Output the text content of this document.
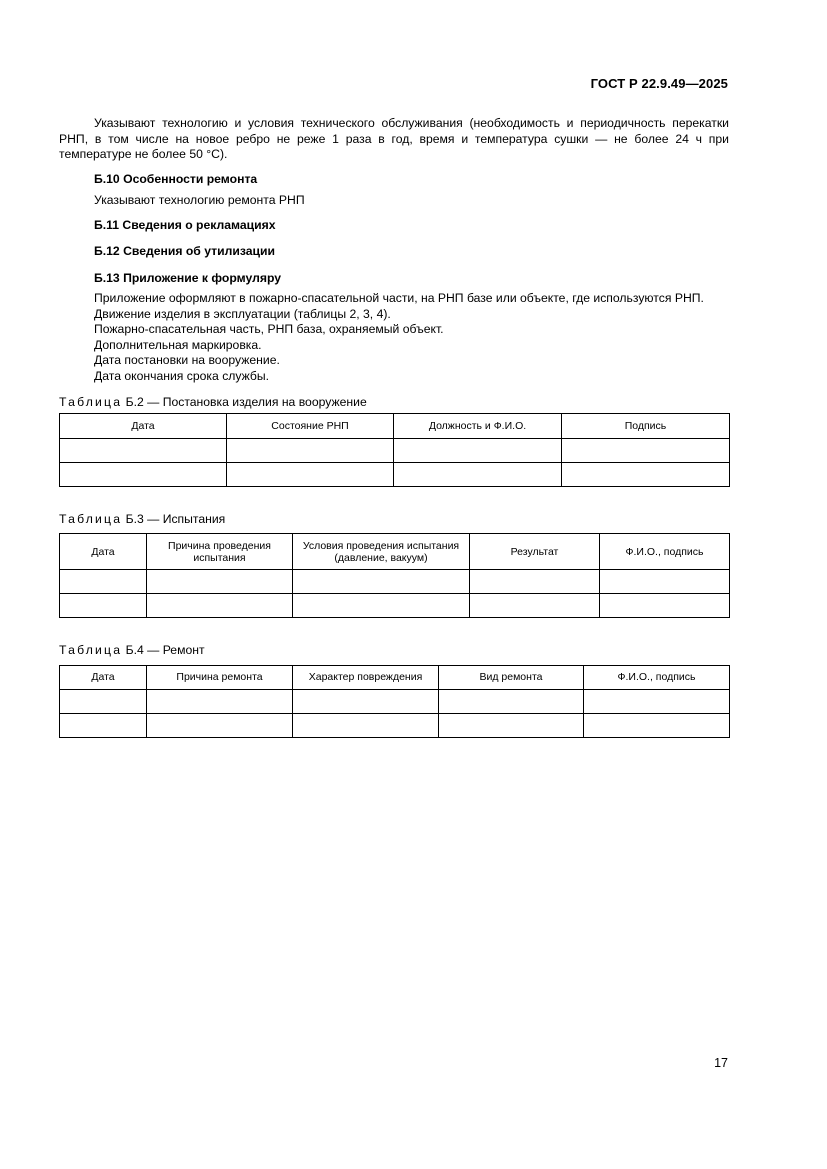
ГОСТ Р 22.9.49—2025

Указывают технологию и условия технического обслуживания (необходимость и периодичность перекатки РНП, в том числе на новое ребро не реже 1 раза в год, время и температура сушки — не более 24 ч при температуре не более 50 °C).

Б.10 Особенности ремонта

Указывают технологию ремонта РНП

Б.11 Сведения о рекламациях

Б.12 Сведения об утилизации

Б.13 Приложение к формуляру

Приложение оформляют в пожарно-спасательной части, на РНП базе или объекте, где используются РНП.

Движение изделия в эксплуатации (таблицы 2, 3, 4).

Пожарно-спасательная часть, РНП база, охраняемый объект.

Дополнительная маркировка.

Дата постановки на вооружение.

Дата окончания срока службы.

Таблица Б.2 — Постановка изделия на вооружение

Дата	Состояние РНП	Должность и Ф.И.О.	Подпись

Таблица Б.3 — Испытания

Дата	Причина проведения испытания	Условия проведения испытания (давление, вакуум)	Результат	Ф.И.О., подпись

Таблица Б.4 — Ремонт

Дата	Причина ремонта	Характер повреждения	Вид ремонта	Ф.И.О., подпись

17
